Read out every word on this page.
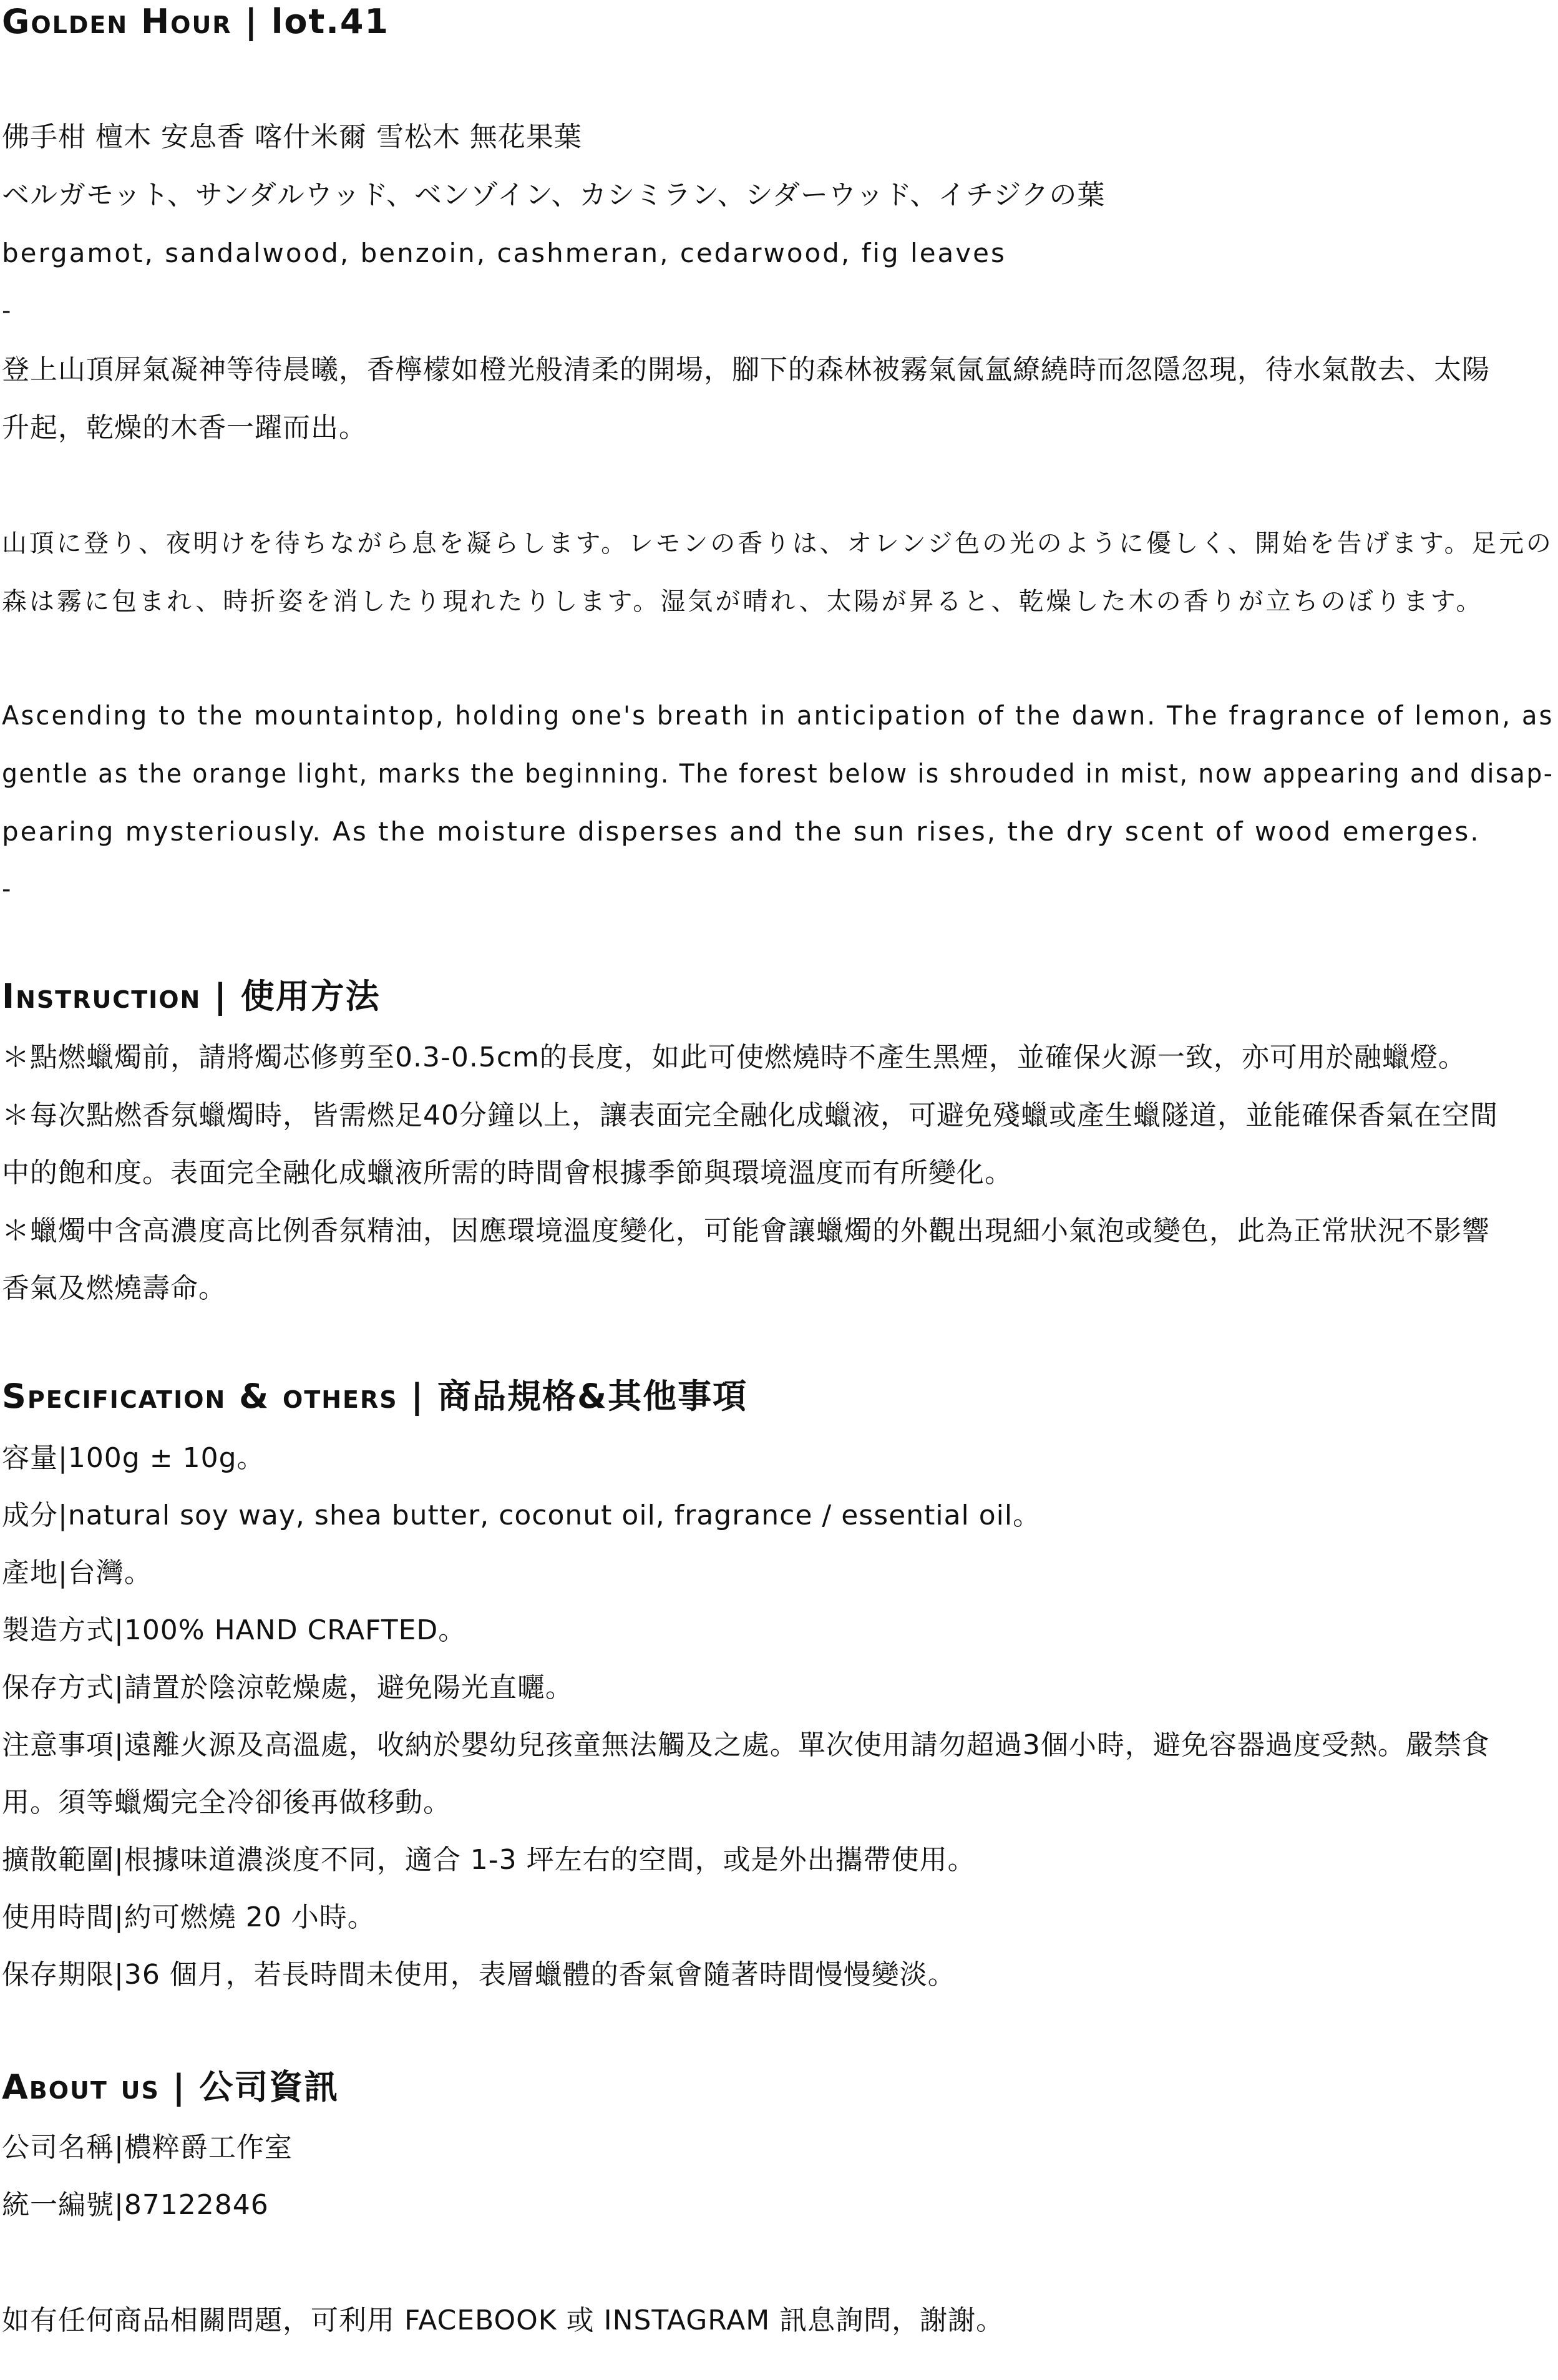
Golden Hour | lot.41
佛手柑 檀木 安息香 喀什米爾 雪松木 無花果葉
ベルガモット、サンダルウッド、ベンゾイン、カシミラン、シダーウッド、イチジクの葉
bergamot, sandalwood, benzoin, cashmeran, cedarwood, fig leaves
-
登上山頂屏氣凝神等待晨曦，香檸檬如橙光般清柔的開場，腳下的森林被霧氣氤氳繚繞時而忽隱忽現，待水氣散去、太陽
升起，乾燥的木香一躍而出。
山頂に登り、夜明けを待ちながら息を凝らします。レモンの香りは、オレンジ色の光のように優しく、開始を告げます。足元の
森は霧に包まれ、時折姿を消したり現れたりします。湿気が晴れ、太陽が昇ると、乾燥した木の香りが立ちのぼります。
Ascending to the mountaintop, holding one's breath in anticipation of the dawn. The fragrance of lemon, as
gentle as the orange light, marks the beginning. The forest below is shrouded in mist, now appearing and disap-
pearing mysteriously. As the moisture disperses and the sun rises, the dry scent of wood emerges.
-
Instruction | 使用方法
＊點燃蠟燭前，請將燭芯修剪至0.3-0.5cm的長度，如此可使燃燒時不產生黑煙，並確保火源一致，亦可用於融蠟燈。
＊每次點燃香氛蠟燭時，皆需燃足40分鐘以上，讓表面完全融化成蠟液，可避免殘蠟或產生蠟隧道，並能確保香氣在空間
中的飽和度。表面完全融化成蠟液所需的時間會根據季節與環境溫度而有所變化。
＊蠟燭中含高濃度高比例香氛精油，因應環境溫度變化，可能會讓蠟燭的外觀出現細小氣泡或變色，此為正常狀況不影響
香氣及燃燒壽命。
Specification & others | 商品規格&其他事項
容量|100g ± 10g。
成分|natural soy way, shea butter, coconut oil, fragrance / essential oil。
產地|台灣。
製造方式|100% HAND CRAFTED。
保存方式|請置於陰涼乾燥處，避免陽光直曬。
注意事項|遠離火源及高溫處，收納於嬰幼兒孩童無法觸及之處。單次使用請勿超過3個小時，避免容器過度受熱。嚴禁食
用。須等蠟燭完全冷卻後再做移動。
擴散範圍|根據味道濃淡度不同，適合 1-3 坪左右的空間，或是外出攜帶使用。
使用時間|約可燃燒 20 小時。
保存期限|36 個月，若長時間未使用，表層蠟體的香氣會隨著時間慢慢變淡。
About us | 公司資訊
公司名稱|檂粹爵工作室
統一編號|87122846
如有任何商品相關問題，可利用 FACEBOOK 或 INSTAGRAM 訊息詢問，謝謝。
